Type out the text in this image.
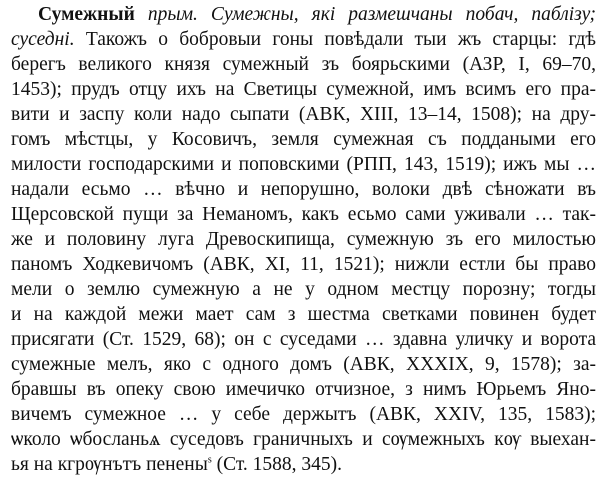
Сумежный прым. Сумежны, які размешчаны побач, паблізу;
суседні. Такожъ о бобровыи гоны повѣдали тыи жъ старцы: гдѣ
берегъ великого князя сумежный зъ боярьскими (АЗР, I, 69–70,
1453); прудъ отцу ихъ на Светицы сумежной, имъ всимъ его пра-
вити и заспу коли надо сыпати (АВК, XIII, 13–14, 1508); на дру-
гомъ мѣстцы, у Косовичъ, земля сумежная съ поддаными его
милости господарскими и поповскими (РПП, 143, 1519); ижъ мы …
надали есьмо … вѣчно и непорушно, волоки двѣ сѣножати въ
Щерсовской пущи за Неманомъ, какъ есьмо сами уживали … так-
же и половину луга Древоскипища, сумежную зъ его милостью
паномъ Ходкевичомъ (АВК, XI, 11, 1521); нижли естли бы право
мели о землю сумежную а не у одном местцу порозну; тогды
и на каждой межи мает сам з шестма светками повинен будет
присягати (Ст. 1529, 68); он с суседами … здавна уличку и ворота
сумежные мелъ, яко с одного домъ (АВК, XXXIX, 9, 1578); за-
бравшы въ опеку свою имечичко отчизное, з нимъ Юрьемъ Яно-
вичемъ сумежное … у себе держытъ (АВК, XXIV, 135, 1583);
ѡколо ѡбосланьѧ суседовъ граничныхъ и сѹмежныхъ кѹ выехан-
ья на кгрѹнътъ пенены$^s$ (Ст. 1588, 345).
